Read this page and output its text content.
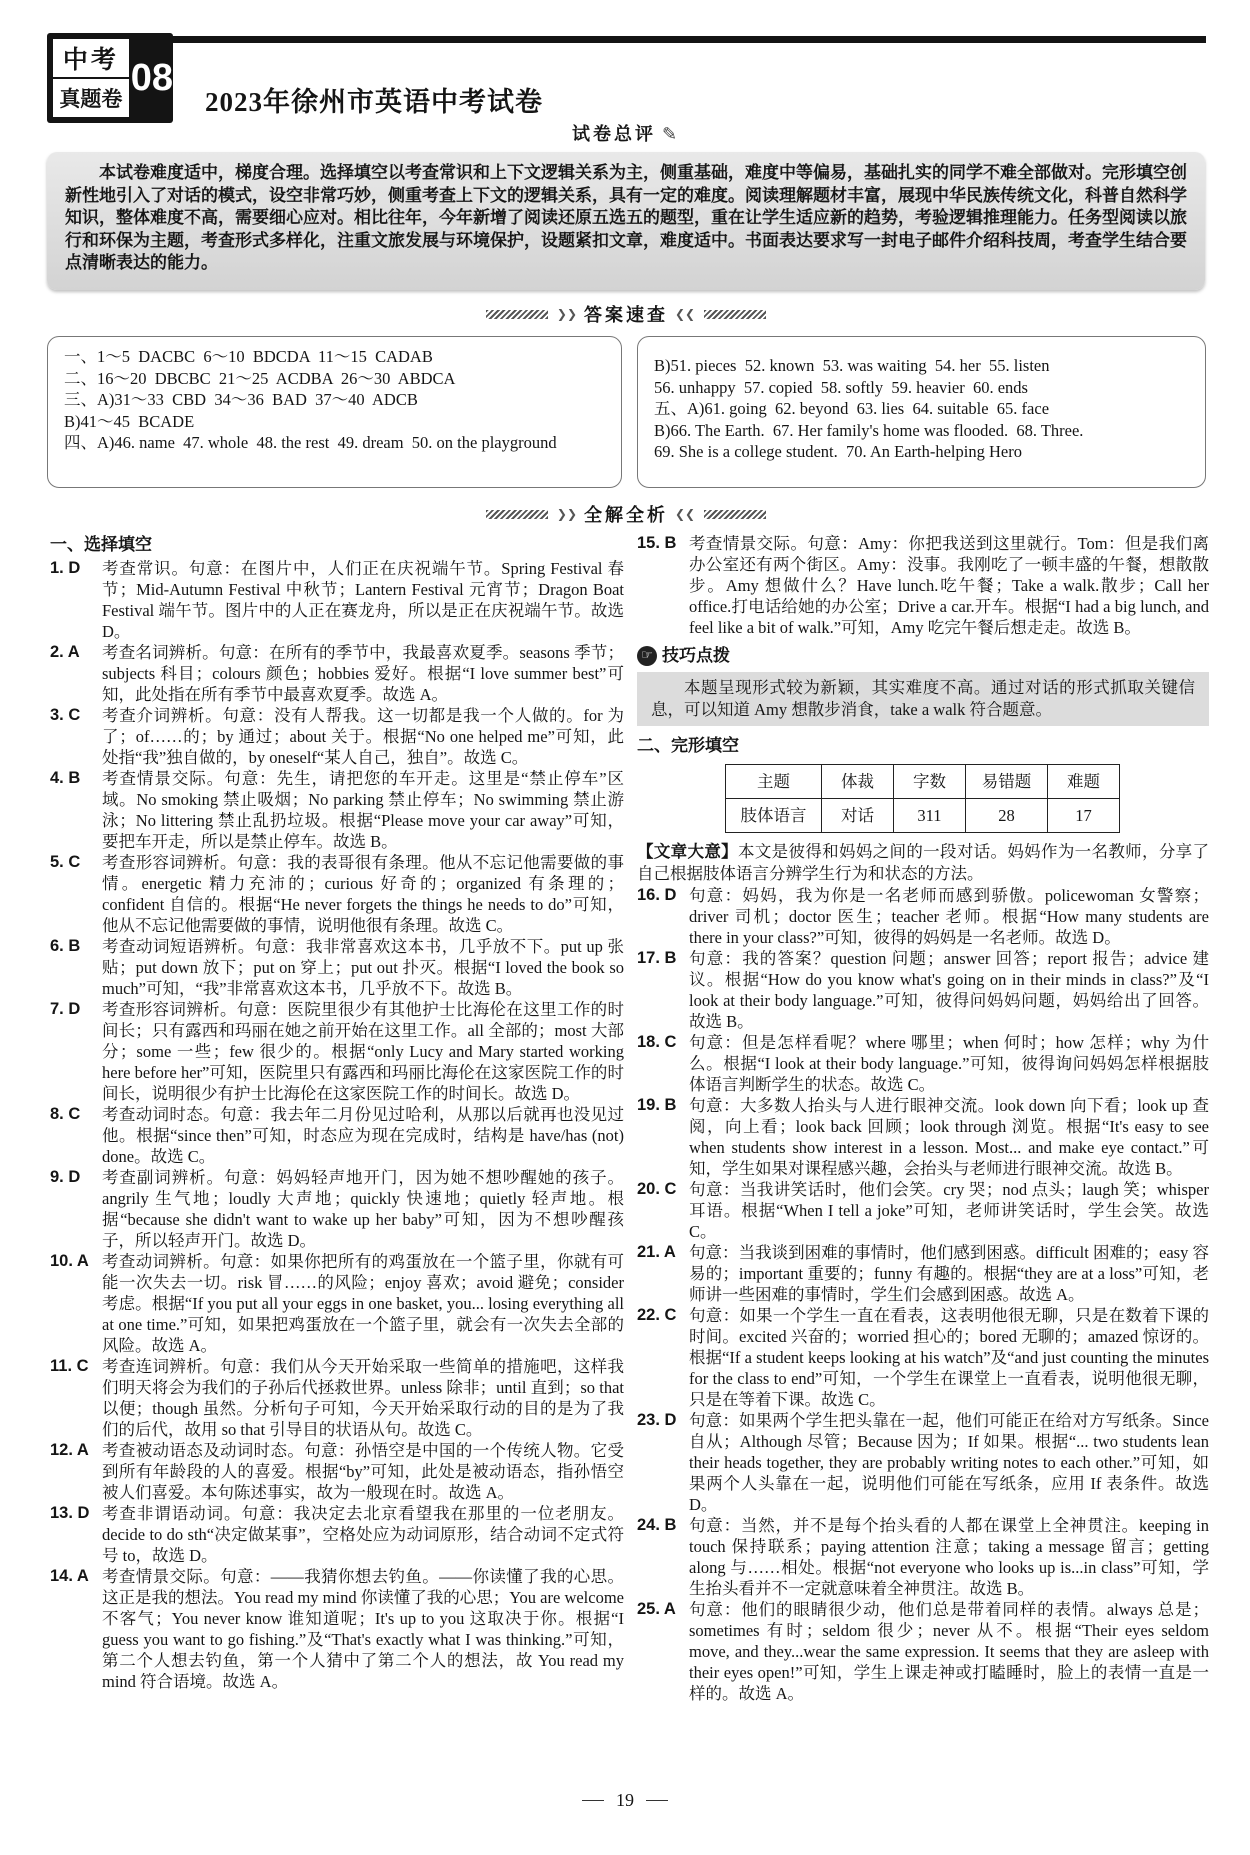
中考
真题卷
08
2023年徐州市英语中考试卷
试卷总评 ✎

本试卷难度适中，梯度合理。选择填空以考查常识和上下文逻辑关系为主，侧重基础，难度中等偏易，基础扎实的同学不难全部做对。完形填空创新性地引入了对话的模式，设空非常巧妙，侧重考查上下文的逻辑关系，具有一定的难度。阅读理解题材丰富，展现中华民族传统文化，科普自然科学知识，整体难度不高，需要细心应对。相比往年，今年新增了阅读还原五选五的题型，重在让学生适应新的趋势，考验逻辑推理能力。任务型阅读以旅行和环保为主题，考查形式多样化，注重文旅发展与环境保护，设题紧扣文章，难度适中。书面表达要求写一封电子邮件介绍科技周，考查学生结合要点清晰表达的能力。

❯❯ 答案速查 ❮❮
一、1～5  DACBC  6～10  BDCDA  11～15  CADAB
二、16～20  DBCBC  21～25  ACDBA  26～30  ABDCA
三、A)31～33  CBD  34～36  BAD  37～40  ADCB
B)41～45  BCADE
四、A)46. name  47. whole  48. the rest  49. dream  50. on the playground
B)51. pieces  52. known  53. was waiting  54. her  55. listen
56. unhappy  57. copied  58. softly  59. heavier  60. ends
五、A)61. going  62. beyond  63. lies  64. suitable  65. face
B)66. The Earth.  67. Her family's home was flooded.  68. Three.
69. She is a college student.  70. An Earth-helping Hero
❯❯ 全解全析 ❮❮
一、选择填空
1. D	考查常识。句意：在图片中，人们正在庆祝端午节。Spring Festival 春节；Mid-Autumn Festival 中秋节；Lantern Festival 元宵节；Dragon Boat Festival 端午节。图片中的人正在赛龙舟，所以是正在庆祝端午节。故选 D。
2. A	考查名词辨析。句意：在所有的季节中，我最喜欢夏季。seasons 季节；subjects 科目；colours 颜色；hobbies 爱好。根据“I love summer best”可知，此处指在所有季节中最喜欢夏季。故选 A。
3. C	考查介词辨析。句意：没有人帮我。这一切都是我一个人做的。for 为了；of……的；by 通过；about 关于。根据“No one helped me”可知，此处指“我”独自做的，by oneself“某人自己，独自”。故选 C。
4. B	考查情景交际。句意：先生，请把您的车开走。这里是“禁止停车”区域。No smoking 禁止吸烟；No parking 禁止停车；No swimming 禁止游泳；No littering 禁止乱扔垃圾。根据“Please move your car away”可知，要把车开走，所以是禁止停车。故选 B。
5. C	考查形容词辨析。句意：我的表哥很有条理。他从不忘记他需要做的事情。energetic 精力充沛的；curious 好奇的；organized 有条理的；confident 自信的。根据“He never forgets the things he needs to do”可知，他从不忘记他需要做的事情，说明他很有条理。故选 C。
6. B	考查动词短语辨析。句意：我非常喜欢这本书，几乎放不下。put up 张贴；put down 放下；put on 穿上；put out 扑灭。根据“I loved the book so much”可知，“我”非常喜欢这本书，几乎放不下。故选 B。
7. D	考查形容词辨析。句意：医院里很少有其他护士比海伦在这里工作的时间长；只有露西和玛丽在她之前开始在这里工作。all 全部的；most 大部分；some 一些；few 很少的。根据“only Lucy and Mary started working here before her”可知，医院里只有露西和玛丽比海伦在这家医院工作的时间长，说明很少有护士比海伦在这家医院工作的时间长。故选 D。
8. C	考查动词时态。句意：我去年二月份见过哈利，从那以后就再也没见过他。根据“since then”可知，时态应为现在完成时，结构是 have/has (not) done。故选 C。
9. D	考查副词辨析。句意：妈妈轻声地开门，因为她不想吵醒她的孩子。angrily 生气地；loudly 大声地；quickly 快速地；quietly 轻声地。根据“because she didn't want to wake up her baby”可知，因为不想吵醒孩子，所以轻声开门。故选 D。
10. A 考查动词辨析。句意：如果你把所有的鸡蛋放在一个篮子里，你就有可能一次失去一切。risk 冒……的风险；enjoy 喜欢；avoid 避免；consider 考虑。根据“If you put all your eggs in one basket, you... losing everything all at one time.”可知，如果把鸡蛋放在一个篮子里，就会有一次失去全部的风险。故选 A。
11. C 考查连词辨析。句意：我们从今天开始采取一些简单的措施吧，这样我们明天将会为我们的子孙后代拯救世界。unless 除非；until 直到；so that 以便；though 虽然。分析句子可知，今天开始采取行动的目的是为了我们的后代，故用 so that 引导目的状语从句。故选 C。
12. A 考查被动语态及动词时态。句意：孙悟空是中国的一个传统人物。它受到所有年龄段的人的喜爱。根据“by”可知，此处是被动语态，指孙悟空被人们喜爱。本句陈述事实，故为一般现在时。故选 A。
13. D 考查非谓语动词。句意：我决定去北京看望我在那里的一位老朋友。decide to do sth“决定做某事”，空格处应为动词原形，结合动词不定式符号 to，故选 D。
14. A 考查情景交际。句意：——我猜你想去钓鱼。——你读懂了我的心思。这正是我的想法。You read my mind 你读懂了我的心思；You are welcome 不客气；You never know 谁知道呢；It's up to you 这取决于你。根据“I guess you want to go fishing.”及“That's exactly what I was thinking.”可知，第二个人想去钓鱼，第一个人猜中了第二个人的想法，故 You read my mind 符合语境。故选 A。
15. B 考查情景交际。句意：Amy：你把我送到这里就行。Tom：但是我们离办公室还有两个街区。Amy：没事。我刚吃了一顿丰盛的午餐，想散散步。Amy 想做什么？Have lunch.吃午餐；Take a walk.散步；Call her office.打电话给她的办公室；Drive a car.开车。根据“I had a big lunch, and feel like a bit of walk.”可知，Amy 吃完午餐后想走走。故选 B。
☞ 技巧点拨
本题呈现形式较为新颖，其实难度不高。通过对话的形式抓取关键信息，可以知道 Amy 想散步消食，take a walk 符合题意。
二、完形填空
主题	体裁	字数	易错题	难题
肢体语言	对话	311	28	17
【文章大意】本文是彼得和妈妈之间的一段对话。妈妈作为一名教师，分享了自己根据肢体语言分辨学生行为和状态的方法。
16. D 句意：妈妈，我为你是一名老师而感到骄傲。policewoman 女警察；driver 司机；doctor 医生；teacher 老师。根据“How many students are there in your class?”可知，彼得的妈妈是一名老师。故选 D。
17. B 句意：我的答案？question 问题；answer 回答；report 报告；advice 建议。根据“How do you know what's going on in their minds in class?”及“I look at their body language.”可知，彼得问妈妈问题，妈妈给出了回答。故选 B。
18. C 句意：但是怎样看呢？where 哪里；when 何时；how 怎样；why 为什么。根据“I look at their body language.”可知，彼得询问妈妈怎样根据肢体语言判断学生的状态。故选 C。
19. B 句意：大多数人抬头与人进行眼神交流。look down 向下看；look up 查阅，向上看；look back 回顾；look through 浏览。根据“It's easy to see when students show interest in a lesson. Most... and make eye contact.”可知，学生如果对课程感兴趣，会抬头与老师进行眼神交流。故选 B。
20. C 句意：当我讲笑话时，他们会笑。cry 哭；nod 点头；laugh 笑；whisper 耳语。根据“When I tell a joke”可知，老师讲笑话时，学生会笑。故选 C。
21. A 句意：当我谈到困难的事情时，他们感到困惑。difficult 困难的；easy 容易的；important 重要的；funny 有趣的。根据“they are at a loss”可知，老师讲一些困难的事情时，学生们会感到困惑。故选 A。
22. C 句意：如果一个学生一直在看表，这表明他很无聊，只是在数着下课的时间。excited 兴奋的；worried 担心的；bored 无聊的；amazed 惊讶的。根据“If a student keeps looking at his watch”及“and just counting the minutes for the class to end”可知，一个学生在课堂上一直看表，说明他很无聊，只是在等着下课。故选 C。
23. D 句意：如果两个学生把头靠在一起，他们可能正在给对方写纸条。Since 自从；Although 尽管；Because 因为；If 如果。根据“... two students lean their heads together, they are probably writing notes to each other.”可知，如果两个人头靠在一起，说明他们可能在写纸条，应用 If 表条件。故选 D。
24. B 句意：当然，并不是每个抬头看的人都在课堂上全神贯注。keeping in touch 保持联系；paying attention 注意；taking a message 留言；getting along 与……相处。根据“not everyone who looks up is...in class”可知，学生抬头看并不一定就意味着全神贯注。故选 B。
25. A 句意：他们的眼睛很少动，他们总是带着同样的表情。always 总是；sometimes 有时；seldom 很少；never 从不。根据“Their eyes seldom move, and they...wear the same expression. It seems that they are asleep with their eyes open!”可知，学生上课走神或打瞌睡时，脸上的表情一直是一样的。故选 A。
19
